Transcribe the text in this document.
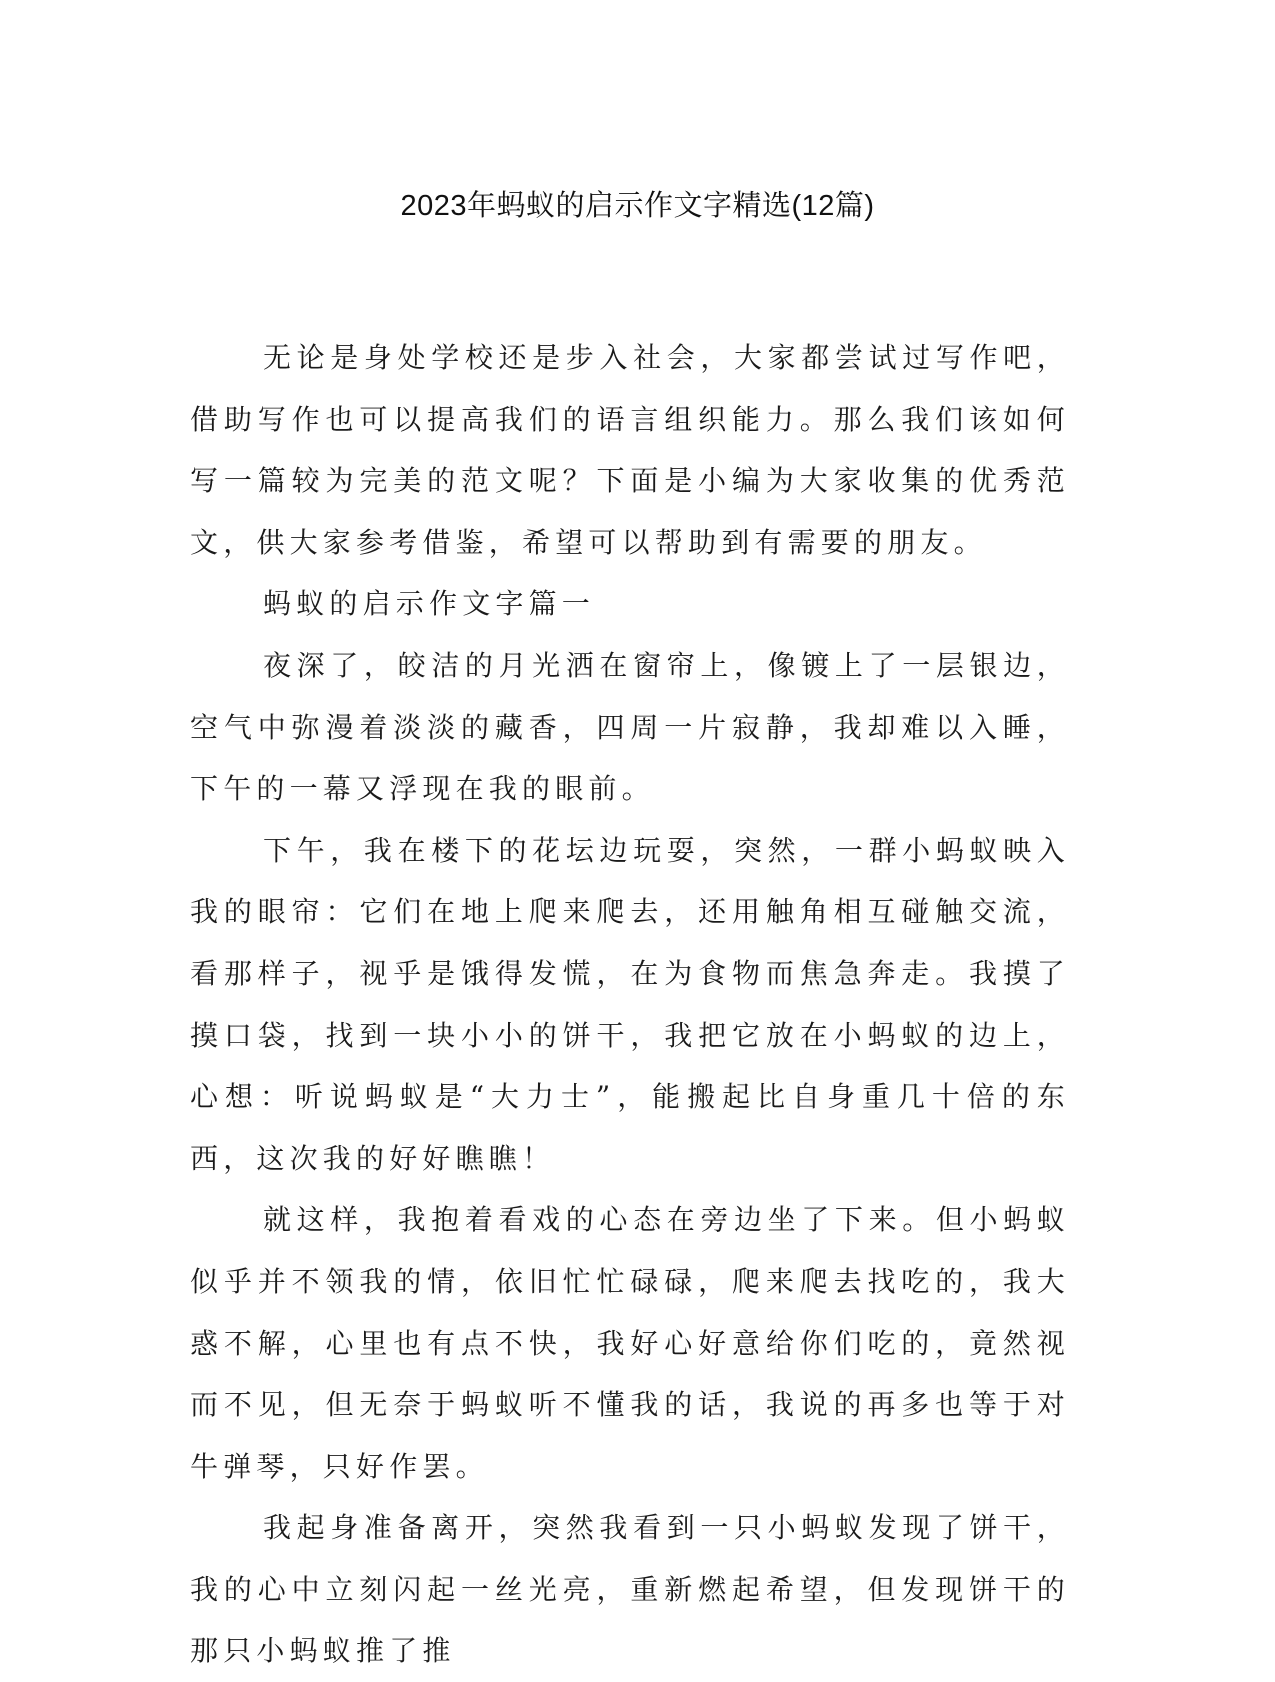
2023年蚂蚁的启示作文字精选(12篇)

无论是身处学校还是步入社会，大家都尝试过写作吧，借助写作也可以提高我们的语言组织能力。那么我们该如何写一篇较为完美的范文呢？下面是小编为大家收集的优秀范文，供大家参考借鉴，希望可以帮助到有需要的朋友。

蚂蚁的启示作文字篇一

夜深了，皎洁的月光洒在窗帘上，像镀上了一层银边，空气中弥漫着淡淡的藏香，四周一片寂静，我却难以入睡，下午的一幕又浮现在我的眼前。

下午，我在楼下的花坛边玩耍，突然，一群小蚂蚁映入我的眼帘：它们在地上爬来爬去，还用触角相互碰触交流，看那样子，视乎是饿得发慌，在为食物而焦急奔走。我摸了摸口袋，找到一块小小的饼干，我把它放在小蚂蚁的边上，心想：听说蚂蚁是“大力士”，能搬起比自身重几十倍的东西，这次我的好好瞧瞧！

就这样，我抱着看戏的心态在旁边坐了下来。但小蚂蚁似乎并不领我的情，依旧忙忙碌碌，爬来爬去找吃的，我大惑不解，心里也有点不快，我好心好意给你们吃的，竟然视而不见，但无奈于蚂蚁听不懂我的话，我说的再多也等于对牛弹琴，只好作罢。

我起身准备离开，突然我看到一只小蚂蚁发现了饼干，我的心中立刻闪起一丝光亮，重新燃起希望，但发现饼干的那只小蚂蚁推了推
